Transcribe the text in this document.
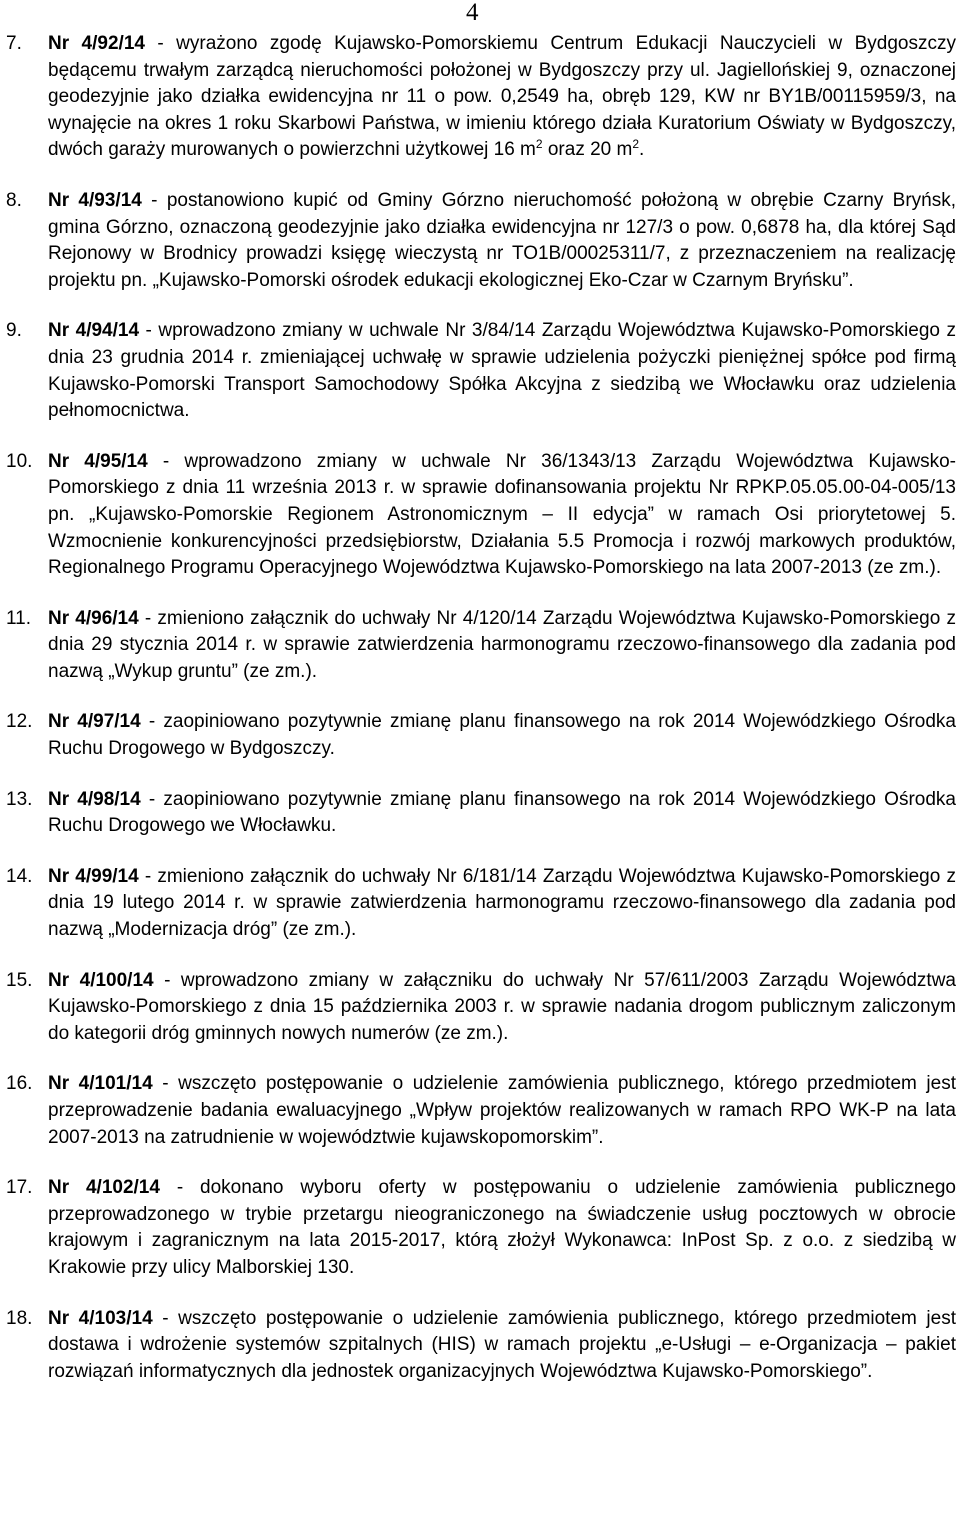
4
7.	Nr 4/92/14 - wyrażono zgodę Kujawsko-Pomorskiemu Centrum Edukacji Nauczycieli w Bydgoszczy będącemu trwałym zarządcą nieruchomości położonej w Bydgoszczy przy ul. Jagiellońskiej 9, oznaczonej geodezyjnie jako działka ewidencyjna nr 11 o pow. 0,2549 ha, obręb 129, KW nr BY1B/00115959/3, na wynajęcie na okres 1 roku Skarbowi Państwa, w imieniu którego działa Kuratorium Oświaty w Bydgoszczy, dwóch garaży murowanych o powierzchni użytkowej 16 $m^2$ oraz 20 $m^2$.
8.	Nr 4/93/14 - postanowiono kupić od Gminy Górzno nieruchomość położoną w obrębie Czarny Bryńsk, gmina Górzno, oznaczoną geodezyjnie jako działka ewidencyjna nr 127/3 o pow. 0,6878 ha, dla której Sąd Rejonowy w Brodnicy prowadzi księgę wieczystą nr TO1B/00025311/7, z przeznaczeniem na realizację projektu pn. „Kujawsko-Pomorski ośrodek edukacji ekologicznej Eko-Czar w Czarnym Bryńsku”.
9.	Nr 4/94/14 - wprowadzono zmiany w uchwale Nr 3/84/14 Zarządu Województwa Kujawsko-Pomorskiego z dnia 23 grudnia 2014 r. zmieniającej uchwałę w sprawie udzielenia pożyczki pieniężnej spółce pod firmą Kujawsko-Pomorski Transport Samochodowy Spółka Akcyjna z siedzibą we Włocławku oraz udzielenia pełnomocnictwa.
10. Nr 4/95/14 - wprowadzono zmiany w uchwale Nr 36/1343/13 Zarządu Województwa Kujawsko-Pomorskiego z dnia 11 września 2013 r. w sprawie dofinansowania projektu Nr RPKP.05.05.00-04-005/13 pn. „Kujawsko-Pomorskie Regionem Astronomicznym – II edycja” w ramach Osi priorytetowej 5. Wzmocnienie konkurencyjności przedsiębiorstw, Działania 5.5 Promocja i rozwój markowych produktów, Regionalnego Programu Operacyjnego Województwa Kujawsko-Pomorskiego na lata 2007-2013 (ze zm.).
11. Nr 4/96/14 - zmieniono załącznik do uchwały Nr 4/120/14 Zarządu Województwa Kujawsko-Pomorskiego z dnia 29 stycznia 2014 r. w sprawie zatwierdzenia harmonogramu rzeczowo-finansowego dla zadania pod nazwą „Wykup gruntu” (ze zm.).
12. Nr 4/97/14 - zaopiniowano pozytywnie zmianę planu finansowego na rok 2014 Wojewódzkiego Ośrodka Ruchu Drogowego w Bydgoszczy.
13. Nr 4/98/14 - zaopiniowano pozytywnie zmianę planu finansowego na rok 2014 Wojewódzkiego Ośrodka Ruchu Drogowego we Włocławku.
14. Nr 4/99/14 - zmieniono załącznik do uchwały Nr 6/181/14 Zarządu Województwa Kujawsko-Pomorskiego z dnia 19 lutego 2014 r. w sprawie zatwierdzenia harmonogramu rzeczowo-finansowego dla zadania pod nazwą „Modernizacja dróg” (ze zm.).
15. Nr 4/100/14 - wprowadzono zmiany w załączniku do uchwały Nr 57/611/2003 Zarządu Województwa Kujawsko-Pomorskiego z dnia 15 października 2003 r. w sprawie nadania drogom publicznym zaliczonym do kategorii dróg gminnych nowych numerów (ze zm.).
16. Nr 4/101/14 - wszczęto postępowanie o udzielenie zamówienia publicznego, którego przedmiotem jest przeprowadzenie badania ewaluacyjnego „Wpływ projektów realizowanych w ramach RPO WK-P na lata 2007-2013 na zatrudnienie w województwie kujawskopomorskim”.
17. Nr 4/102/14 - dokonano wyboru oferty w postępowaniu o udzielenie zamówienia publicznego przeprowadzonego w trybie przetargu nieograniczonego na świadczenie usług pocztowych w obrocie krajowym i zagranicznym na lata 2015-2017, którą złożył Wykonawca: InPost Sp. z o.o. z siedzibą w Krakowie przy ulicy Malborskiej 130.
18. Nr 4/103/14 - wszczęto postępowanie o udzielenie zamówienia publicznego, którego przedmiotem jest dostawa i wdrożenie systemów szpitalnych (HIS) w ramach projektu „e-Usługi – e-Organizacja – pakiet rozwiązań informatycznych dla jednostek organizacyjnych Województwa Kujawsko-Pomorskiego”.
